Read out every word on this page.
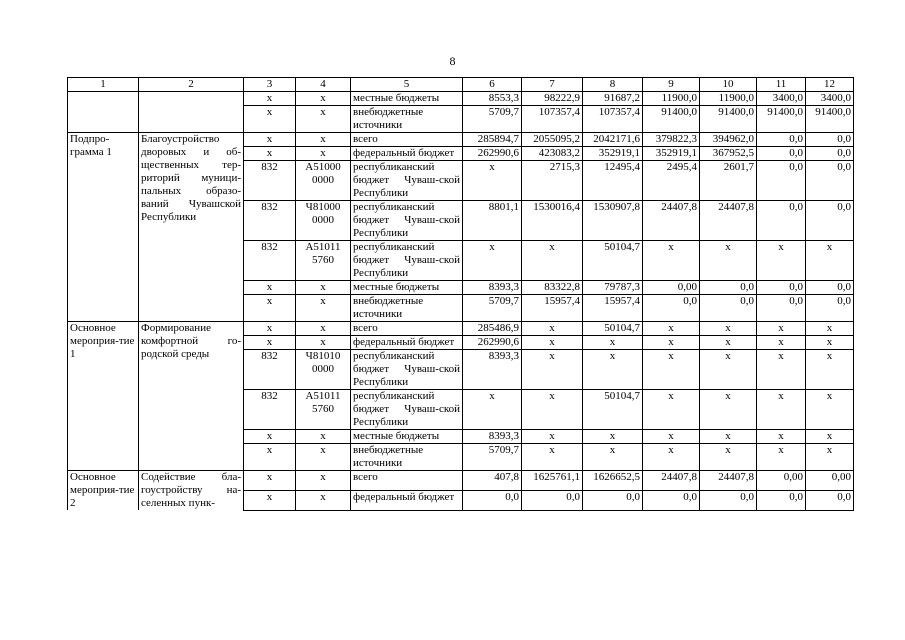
8
1	2	3	4	5	6	7	8	9	10	11	12
		х	х	местные бюджеты	8553,3	98222,9	91687,2	11900,0	11900,0	3400,0	3400,0
		х	х	внебюджетные источники	5709,7	107357,4	107357,4	91400,0	91400,0	91400,0	91400,0
Подпро-грамма 1	Благоустройство дворовых и об-щественных тер-риторий муници-пальных образо-ваний Чувашской Республики	х	х	всего	285894,7	2055095,2	2042171,6	379822,3	394962,0	0,0	0,0
		х	х	федеральный бюджет	262990,6	423083,2	352919,1	352919,1	367952,5	0,0	0,0
		832	А51000 0000	республиканский бюджет Чуваш-ской Республики	х	2715,3	12495,4	2495,4	2601,7	0,0	0,0
		832	Ч81000 0000	республиканский бюджет Чуваш-ской Республики	8801,1	1530016,4	1530907,8	24407,8	24407,8	0,0	0,0
		832	А51011 5760	республиканский бюджет Чуваш-ской Республики	х	х	50104,7	х	х	х	х
		х	х	местные бюджеты	8393,3	83322,8	79787,3	0,00	0,0	0,0	0,0
		х	х	внебюджетные источники	5709,7	15957,4	15957,4	0,0	0,0	0,0	0,0
Основное мероприя-тие 1	Формирование комфортной го-родской среды	х	х	всего	285486,9	х	50104,7	х	х	х	х
		х	х	федеральный бюджет	262990,6	х	х	х	х	х	х
		832	Ч81010 0000	республиканский бюджет Чуваш-ской Республики	8393,3	х	х	х	х	х	х
		832	А51011 5760	республиканский бюджет Чуваш-ской Республики	х	х	50104,7	х	х	х	х
		х	х	местные бюджеты	8393,3	х	х	х	х	х	х
		х	х	внебюджетные источники	5709,7	х	х	х	х	х	х
Основное мероприя-тие 2	Содействие бла-гоустройству на-селенных пунк-	х	х	всего	407,8	1625761,1	1626652,5	24407,8	24407,8	0,00	0,00
		х	х	федеральный бюджет	0,0	0,0	0,0	0,0	0,0	0,0	0,0
